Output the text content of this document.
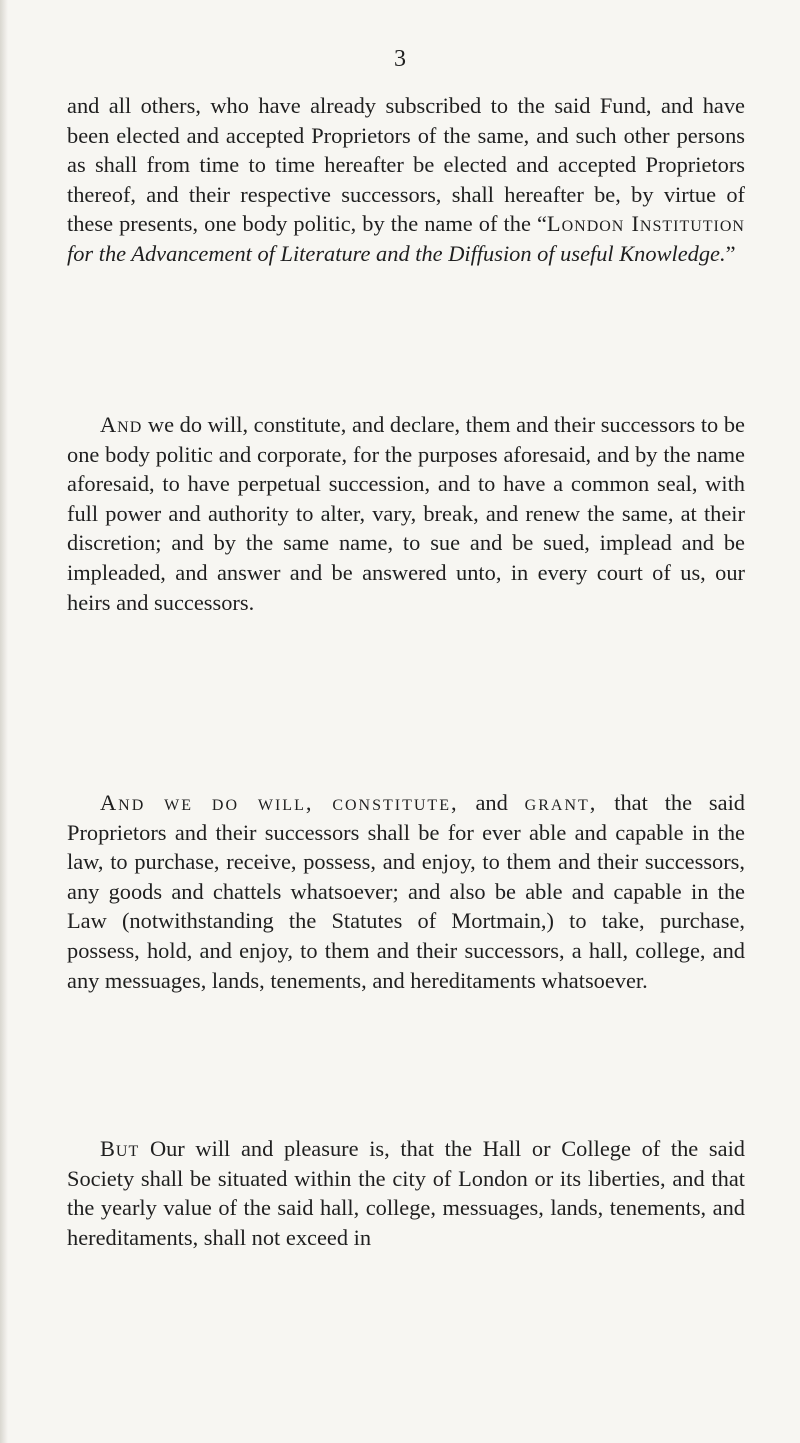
3

and all others, who have already subscribed to the said Fund, and have been elected and accepted Proprietors of the same, and such other persons as shall from time to time hereafter be elected and accepted Proprietors thereof, and their respective successors, shall hereafter be, by virtue of these presents, one body politic, by the name of the “London Institution for the Advancement of Literature and the Diffusion of useful Knowledge.”

And we do will, constitute, and declare, them and their successors to be one body politic and corporate, for the purposes aforesaid, and by the name aforesaid, to have perpetual succession, and to have a common seal, with full power and authority to alter, vary, break, and renew the same, at their discretion; and by the same name, to sue and be sued, implead and be impleaded, and answer and be answered unto, in every court of us, our heirs and successors.

And we do will, constitute, and grant, that the said Proprietors and their successors shall be for ever able and capable in the law, to purchase, receive, possess, and enjoy, to them and their successors, any goods and chattels whatsoever; and also be able and capable in the Law (notwithstanding the Statutes of Mortmain,) to take, purchase, possess, hold, and enjoy, to them and their successors, a hall, college, and any messuages, lands, tenements, and hereditaments whatsoever.

But Our will and pleasure is, that the Hall or College of the said Society shall be situated within the city of London or its liberties, and that the yearly value of the said hall, college, messuages, lands, tenements, and hereditaments, shall not exceed in
